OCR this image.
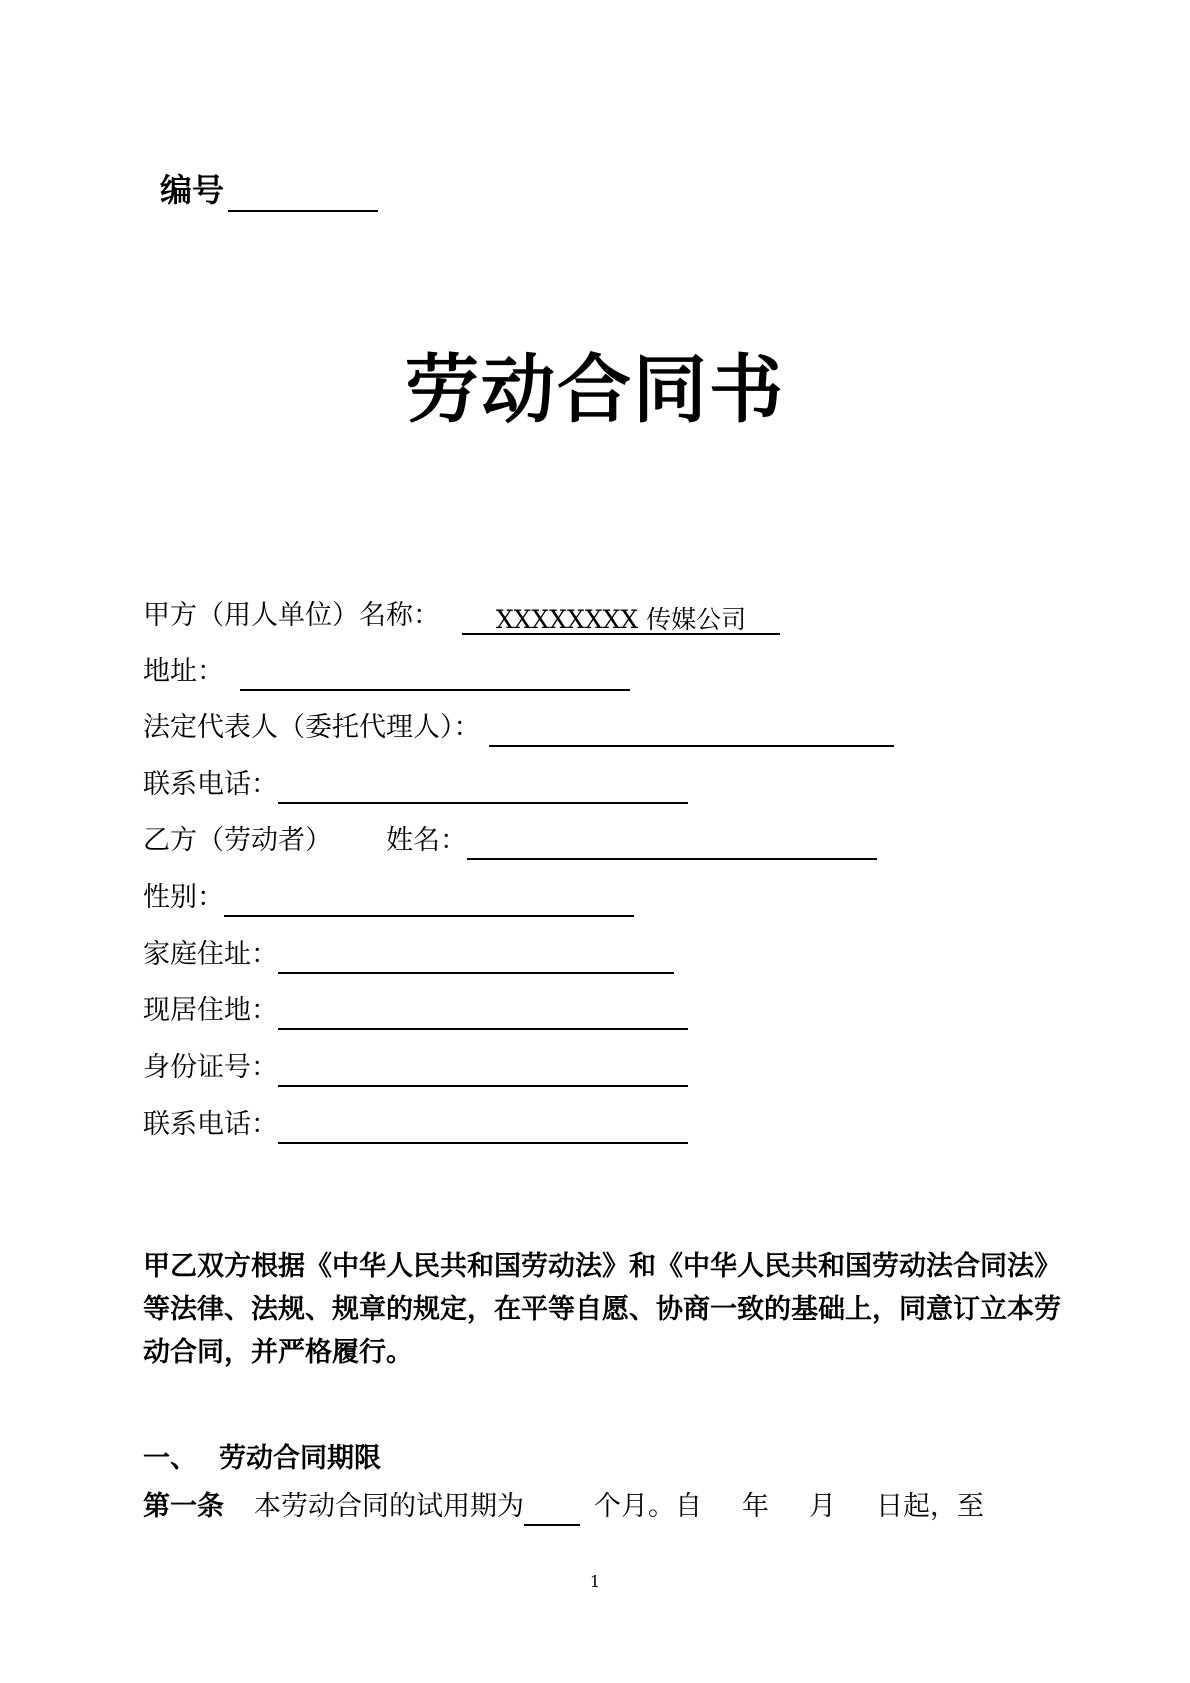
编号
劳动合同书
甲方（用人单位）名称： XXXXXXXX 传媒公司
地址：
法定代表人（委托代理人）：
联系电话：
乙方（劳动者） 姓名：
性别：
家庭住址：
现居住地：
身份证号：
联系电话：
甲乙双方根据《中华人民共和国劳动法》和《中华人民共和国劳动法合同法》等法律、法规、规章的规定，在平等自愿、协商一致的基础上，同意订立本劳动合同，并严格履行。
一、 劳动合同期限
第一条 本劳动合同的试用期为	个月。自 年 月 日起，至
1
